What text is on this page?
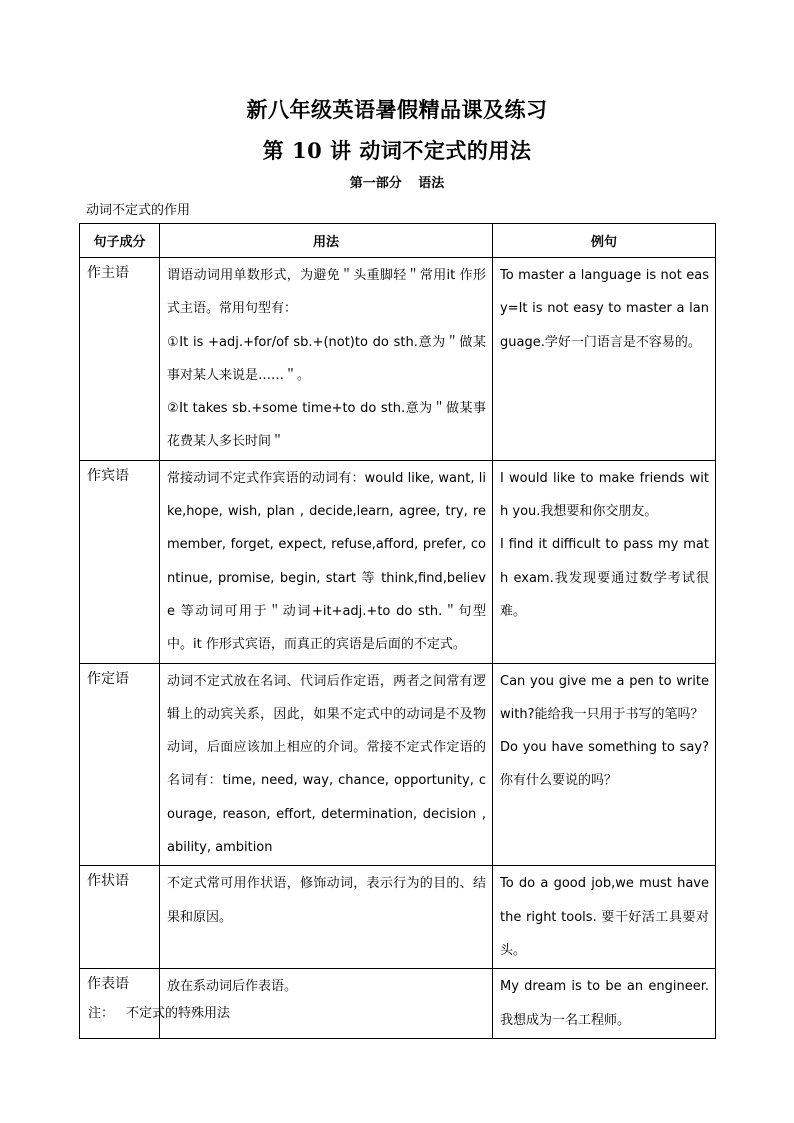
新八年级英语暑假精品课及练习
第 10 讲 动词不定式的用法
第一部分 语法
动词不定式的作用
句子成分	用法	例句
作主语	谓语动词用单数形式，为避免＂头重脚轻＂常用it 作形式主语。常用句型有：
①It is +adj.+for/of sb.+(not)to do sth.意为＂做某事对某人来说是……＂。
②It takes sb.+some time+to do sth.意为＂做某事花费某人多长时间＂	To master a language is not easy=It is not easy to master a language.学好一门语言是不容易的。

作宾语	常接动词不定式作宾语的动词有：would like, want, like,hope, wish, plan , decide,learn, agree, try, remember, forget, expect, refuse,afford, prefer, continue, promise, begin, start 等 think,find,believe 等动词可用于＂动词+it+adj.+to do sth.＂句型中。it 作形式宾语，而真正的宾语是后面的不定式。	I would like to make friends with you.我想要和你交朋友。
I find it difficult to pass my math exam.我发现要通过数学考试很难。

作定语	动词不定式放在名词、代词后作定语，两者之间常有逻辑上的动宾关系，因此，如果不定式中的动词是不及物动词，后面应该加上相应的介词。常接不定式作定语的名词有：time, need, way, chance, opportunity, courage, reason, effort, determination, decision ,ability, ambition	Can you give me a pen to write with?能给我一只用于书写的笔吗？
Do you have something to say?你有什么要说的吗？

作状语	不定式常可用作状语，修饰动词，表示行为的目的、结果和原因。	To do a good job,we must have the right tools. 要干好活工具要对头。

作表语	放在系动词后作表语。	My dream is to be an engineer.我想成为一名工程师。
注： 不定式的特殊用法
